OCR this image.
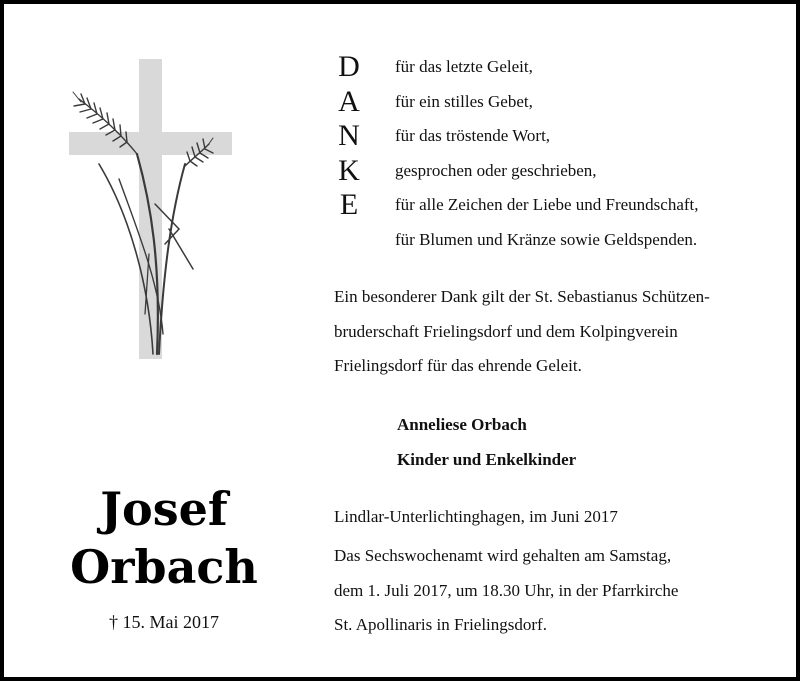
D
A
N
K
E
für das letzte Geleit,
für ein stilles Gebet,
für das tröstende Wort,
gesprochen oder geschrieben,
für alle Zeichen der Liebe und Freundschaft,
für Blumen und Kränze sowie Geldspenden.
Ein besonderer Dank gilt der St. Sebastianus Schützen-
bruderschaft Frielingsdorf und dem Kolpingverein
Frielingsdorf für das ehrende Geleit.
Anneliese Orbach
Kinder und Enkelkinder
Lindlar-Unterlichtinghagen, im Juni 2017
Das Sechswochenamt wird gehalten am Samstag,
dem 1. Juli 2017, um 18.30 Uhr, in der Pfarrkirche
St. Apollinaris in Frielingsdorf.
Josef
Orbach
† 15. Mai 2017
